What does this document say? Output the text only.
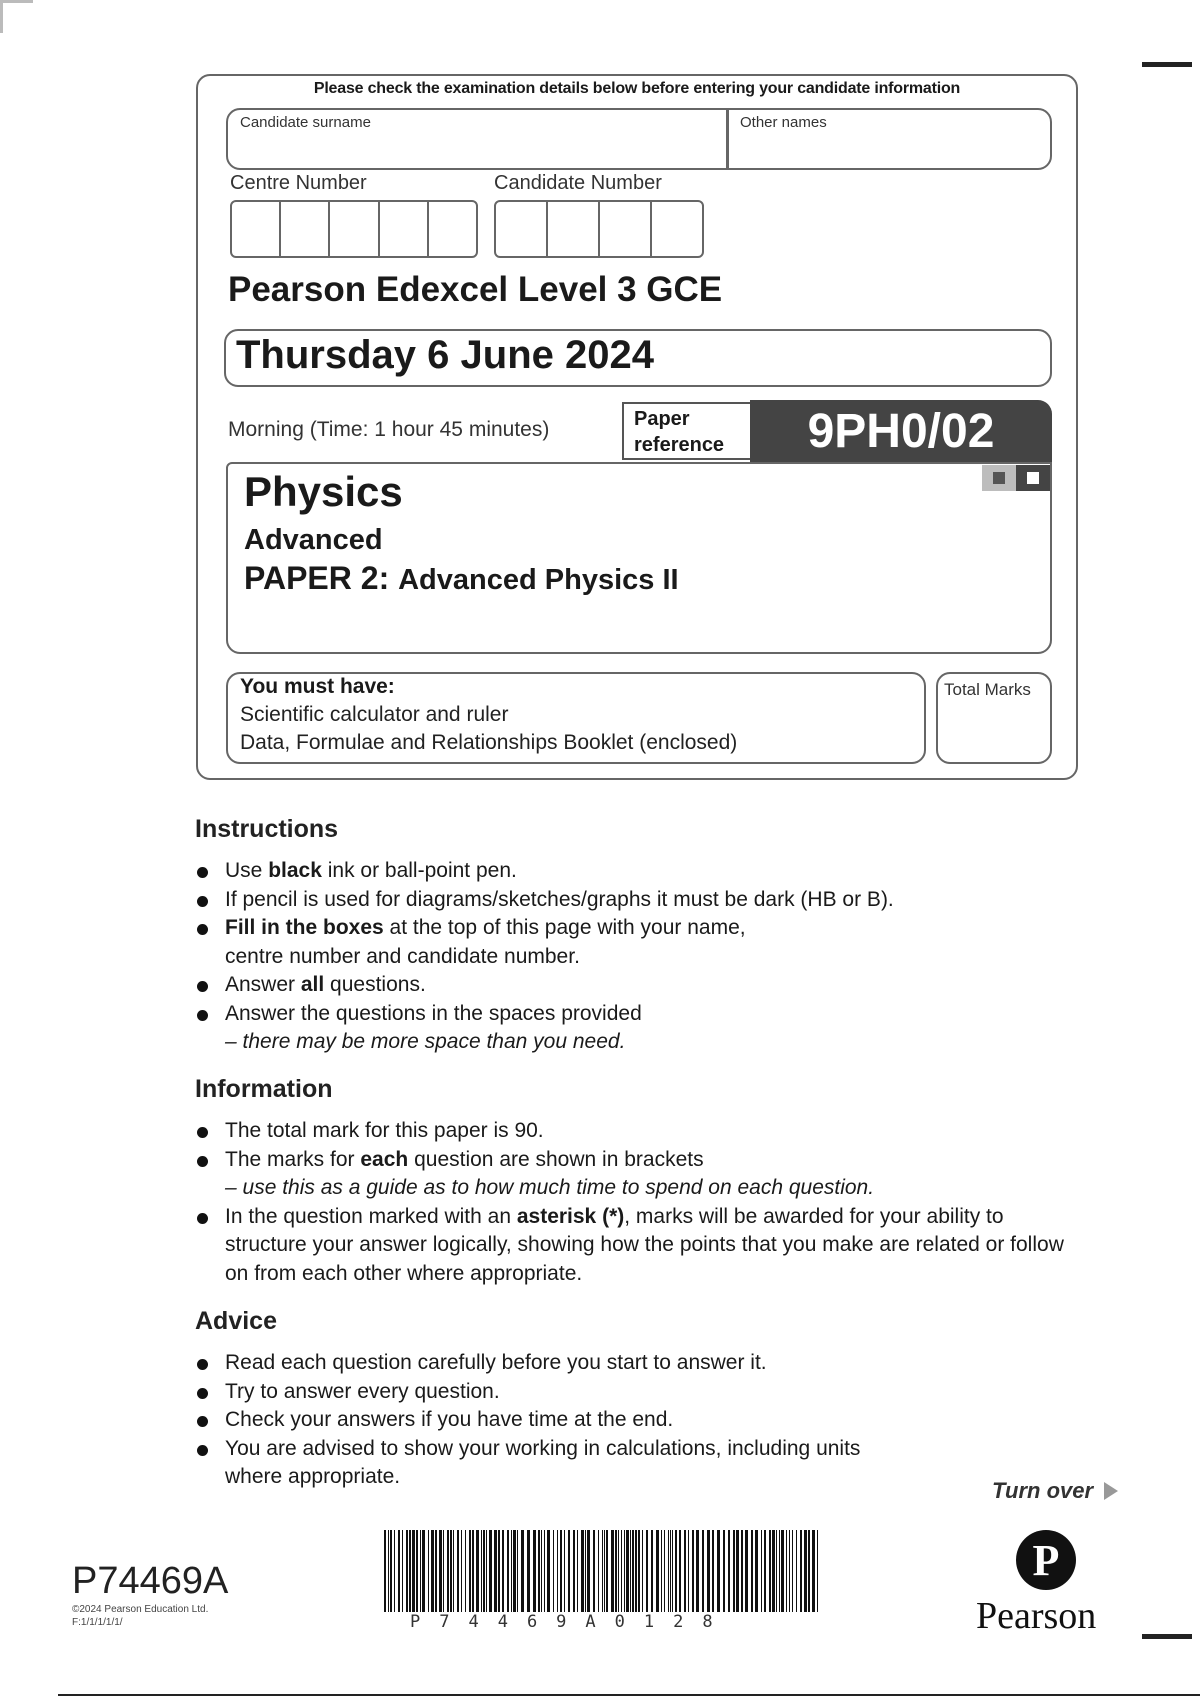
Please check the examination details below before entering your candidate information
Candidate surname	Other names
Centre Number	Candidate Number
Pearson Edexcel Level 3 GCE
Thursday 6 June 2024
Morning (Time: 1 hour 45 minutes)	Paper
reference	9PH0/02
Physics
Advanced
PAPER 2: Advanced Physics II
You must have:
Scientific calculator and ruler
Data, Formulae and Relationships Booklet (enclosed)
Total Marks
Instructions
Use black ink or ball-point pen.
If pencil is used for diagrams/sketches/graphs it must be dark (HB or B).
Fill in the boxes at the top of this page with your name,
centre number and candidate number.
Answer all questions.
Answer the questions in the spaces provided
– there may be more space than you need.
Information
The total mark for this paper is 90.
The marks for each question are shown in brackets
– use this as a guide as to how much time to spend on each question.
In the question marked with an asterisk (*), marks will be awarded for your ability to structure your answer logically, showing how the points that you make are related or follow on from each other where appropriate.
Advice
Read each question carefully before you start to answer it.
Try to answer every question.
Check your answers if you have time at the end.
You are advised to show your working in calculations, including units where appropriate.
Turn over
P74469A
©2024 Pearson Education Ltd.
F:1/1/1/1/1/	P74469A0128
P
Pearson
